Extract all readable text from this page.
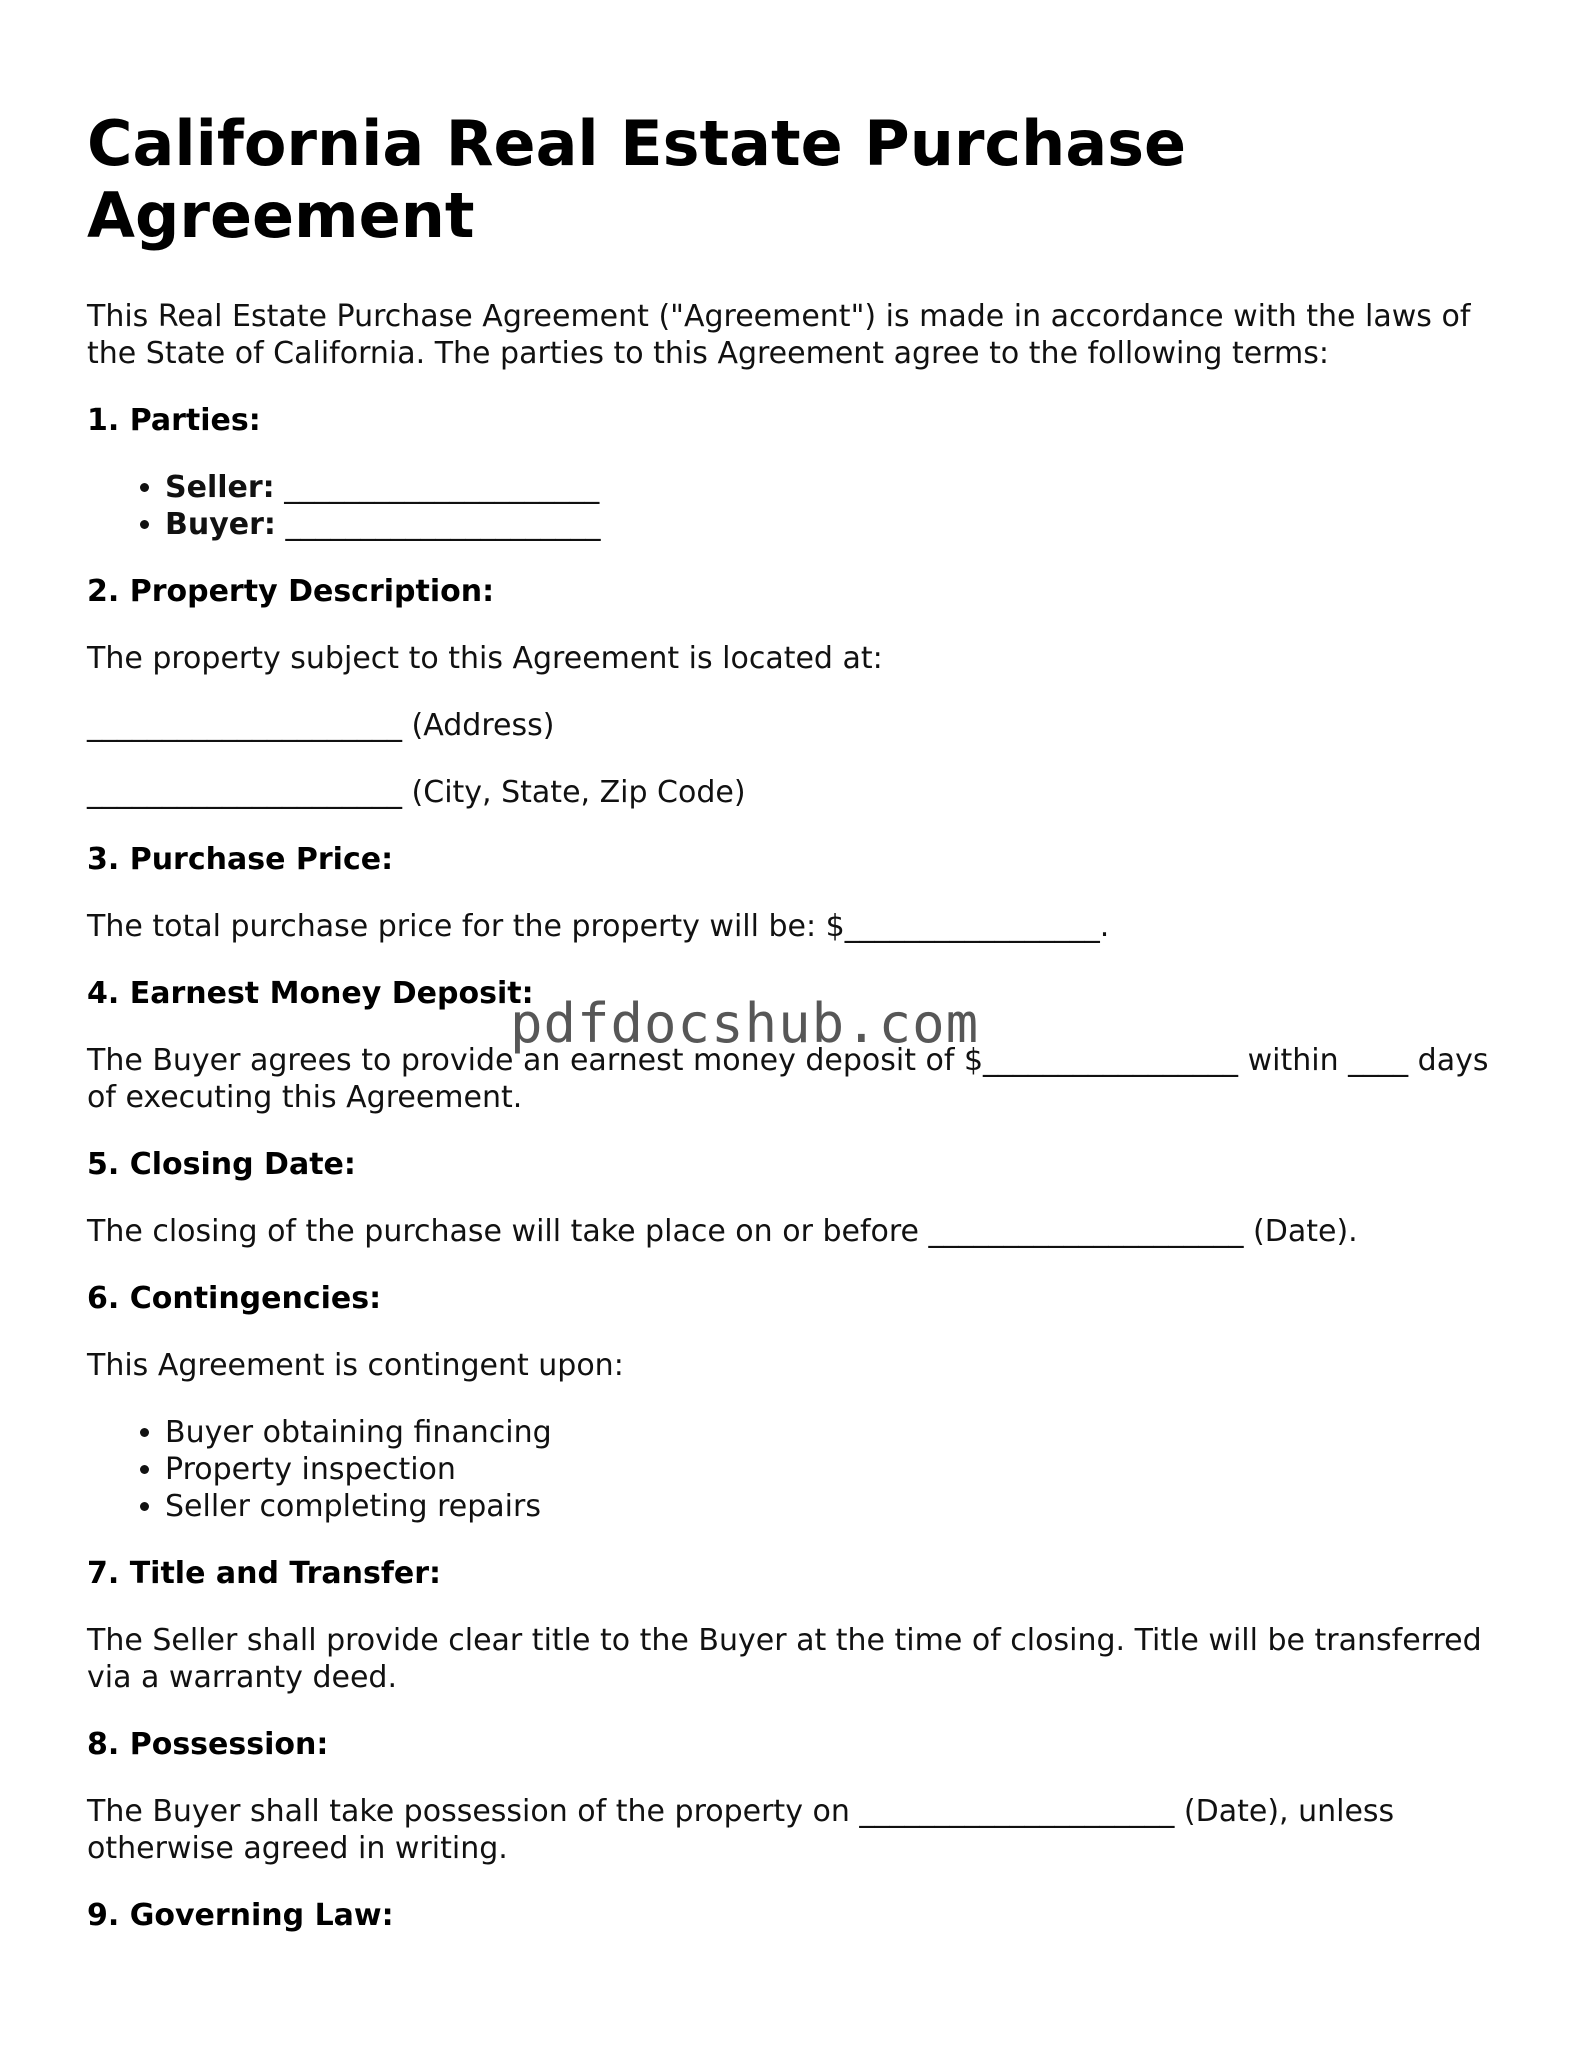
California Real Estate Purchase Agreement

This Real Estate Purchase Agreement ("Agreement") is made in accordance with the laws of the State of California. The parties to this Agreement agree to the following terms:

1. Parties:
• Seller: _____________________
• Buyer: _____________________
2. Property Description:

The property subject to this Agreement is located at:

_____________________ (Address)

_____________________ (City, State, Zip Code)

3. Purchase Price:

The total purchase price for the property will be: $_________________.

4. Earnest Money Deposit:

The Buyer agrees to provide an earnest money deposit of $_________________ within ____ days of executing this Agreement.

5. Closing Date:

The closing of the purchase will take place on or before _____________________ (Date).

6. Contingencies:

This Agreement is contingent upon:

• Buyer obtaining financing
• Property inspection
• Seller completing repairs
7. Title and Transfer:

The Seller shall provide clear title to the Buyer at the time of closing. Title will be transferred via a warranty deed.

8. Possession:

The Buyer shall take possession of the property on _____________________ (Date), unless otherwise agreed in writing.

9. Governing Law:
pdfdocshub.com
